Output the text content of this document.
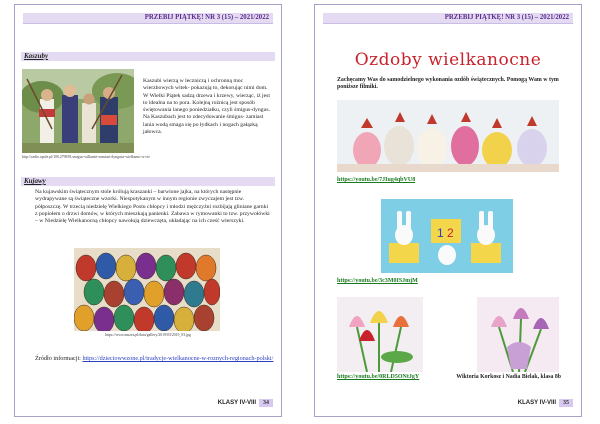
PRZEBIJ PIĄTKĘ! NR 3 (15) – 2021/2022
Kaszuby
http://radio.opole.pl/100,279839,smigus-wilkanie-zamiast-dyngusa-wielkanoc-u-cie
Kaszubi wierzą w leczniczą i ochronną moc wierzbowych witek- pokazują to, dekorując nimi dom. W Wielki Piątek sadzą drzewa i krzewy, wierząc, iż jest to idealna na to pora. Kolejną rożnicą jest sposób świętowania lanego poniedziałku, czyli śmigus-dyngus. Na Kaszubach jest to zdecydowanie śmigus- zamiast lania wodą smaga się po łydkach i nogach gałązką jałowca.
Kujawy
Na kujawskim świątecznym stole królują kraszanki – barwione jajka, na których następnie wydrapywane są świąteczne wzorki. Niespotykanym w innym regionie zwyczajem jest tzw. półposzczę. W trzecią niedzielę Wielkiego Postu chłopcy i młodzi mężczyźni rozbijają gliniane garnki z popiołem o drzwi domów, w których mieszkają panienki. Zabawa w rymowanki to tzw. przywołówki – w Niedzielę Wielkanocną chłopcy nawołują dziewczęta, układając na ich cześć wierszyki.
https://www.muzea.pl/data/gallery/2019/03/2019_03.jpg
Źródło informacji: https://dzieciowwzone.pl/tradycje-wielkanocne-w-roznych-regionach-polski/
KLASY IV-VIII	34
PRZEBIJ PIĄTKĘ! NR 3 (15) – 2021/2022
Ozdoby wielkanocne
Zachęcamy Was do samodzielnego wykonania ozdób świątecznych. Pomogą Wam w tym poniższe filmiki.
https://youtu.be/7JIug4qbVU8
1 2
https://youtu.be/3c3M0ISJmjM
https://youtu.be/0RLD5ONtJgY	Wiktoria Korkosz i Nadia Bielak, klasa 8b
KLASY IV-VIII	35
